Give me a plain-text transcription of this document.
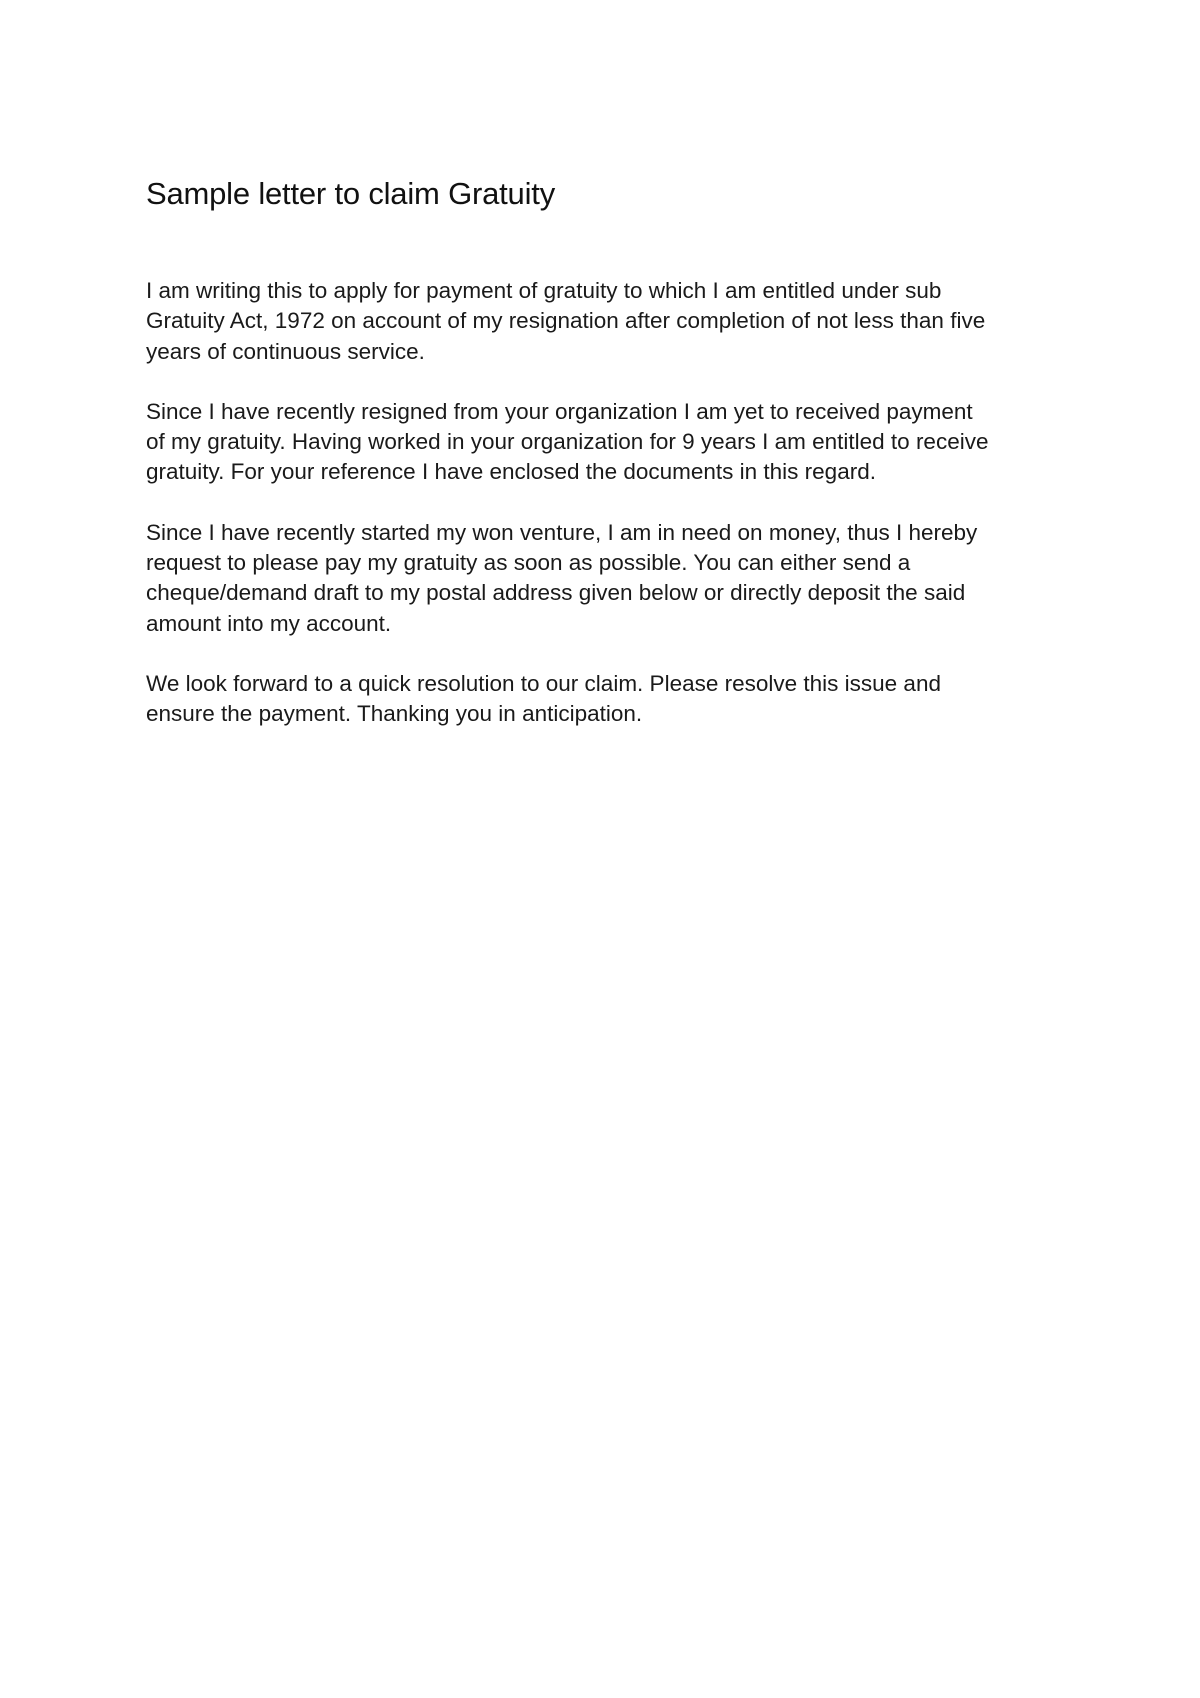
Sample letter to claim Gratuity

I am writing this to apply for payment of gratuity to which I am entitled under sub
Gratuity Act, 1972 on account of my resignation after completion of not less than five
years of continuous service.

Since I have recently resigned from your organization I am yet to received payment
of my gratuity. Having worked in your organization for 9 years I am entitled to receive
gratuity. For your reference I have enclosed the documents in this regard.

Since I have recently started my won venture, I am in need on money, thus I hereby
request to please pay my gratuity as soon as possible. You can either send a
cheque/demand draft to my postal address given below or directly deposit the said
amount into my account.

We look forward to a quick resolution to our claim. Please resolve this issue and
ensure the payment. Thanking you in anticipation.
